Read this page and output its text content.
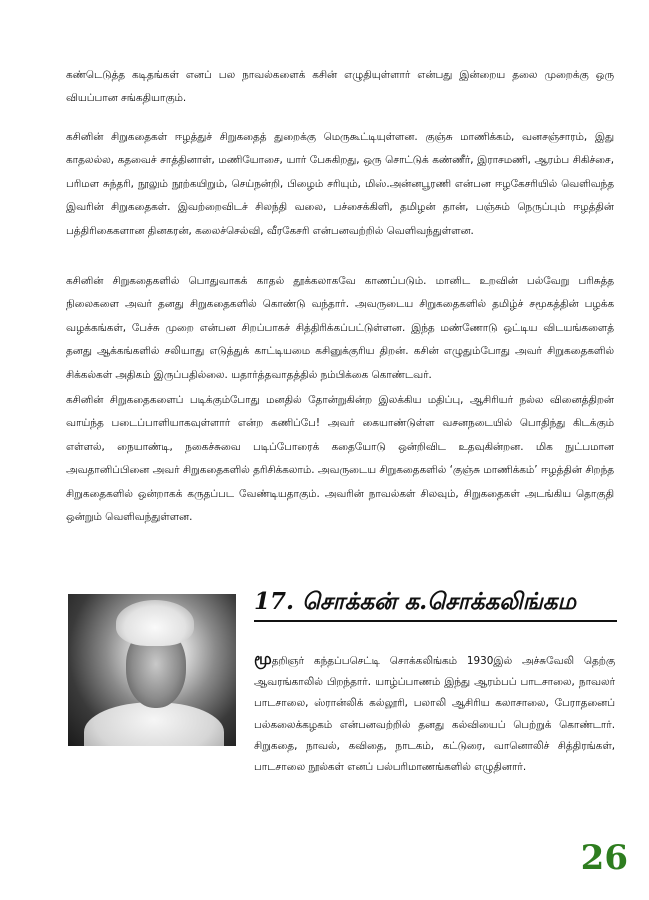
கண்டெடுத்த கடிதங்கள் எனப் பல நாவல்களைக் கசின் எழுதியுள்ளார் என்பது இன்றைய தலை முறைக்கு ஒரு வியப்பான சங்கதியாகும்.

கசினின் சிறுகதைகள் ஈழத்துச் சிறுகதைத் துறைக்கு மெருகூட்டியுள்ளன. குஞ்சு மாணிக்கம், வனசஞ்சாரம், இது காதலல்ல, கதவைச் சாத்தினாள், மணியோசை, யார் பேசுகிறது, ஒரு சொட்டுக் கண்ணீர், இராசமணி, ஆரம்ப சிகிச்சை, பரிமள சுந்தரி, நூலும் நூற்கயிறும், செய்நன்றி, பிழைம் சரியும், மிஸ்.அன்னபூரணி என்பன ஈழகேசரியில் வெளிவந்த இவரின் சிறுகதைகள். இவற்றைவிடச் சிலந்தி வலை, பச்சைக்கிளி, தமிழன் தான், பஞ்சும் நெருப்பும் ஈழத்தின் பத்திரிகைகளான தினகரன், கலைச்செல்வி, வீரகேசரி என்பனவற்றில் வெளிவந்துள்ளன.

கசினின் சிறுகதைகளில் பொதுவாகக் காதல் தூக்கலாகவே காணப்படும். மானிட உறவின் பல்வேறு பரிசுத்த நிலைகளை அவர் தனது சிறுகதைகளில் கொண்டு வந்தார். அவருடைய சிறுகதைகளில் தமிழ்ச் சமூகத்தின் பழக்க வழக்கங்கள், பேச்சு முறை என்பன சிறப்பாகச் சித்திரிக்கப்பட்டுள்ளன. இந்த மண்ணோடு ஒட்டிய விடயங்களைத் தனது ஆக்கங்களில் சலியாது எடுத்துக் காட்டியமை கசினுக்குரிய திறன். கசின் எழுதும்போது அவர் சிறுகதைகளில் சிக்கல்கள் அதிகம் இருப்பதில்லை. யதார்த்தவாதத்தில் நம்பிக்கை கொண்டவர்.

கசினின் சிறுகதைகளைப் படிக்கும்போது மனதில் தோன்றுகின்ற இலக்கிய மதிப்பு, ஆசிரியர் நல்ல வினைத்திறன் வாய்ந்த படைப்பாளியாகவுள்ளார் என்ற கணிப்பே! அவர் கையாண்டுள்ள வசனநடையில் பொதிந்து கிடக்கும் எள்ளல், நையாண்டி, நகைச்சுவை படிப்போரைக் கதையோடு ஒன்றிவிட உதவுகின்றன. மிக நுட்பமான அவதானிப்பினை அவர் சிறுகதைகளில் தரிசிக்கலாம். அவருடைய சிறுகதைகளில் ‘குஞ்சு மாணிக்கம்’ ஈழத்தின் சிறந்த சிறுகதைகளில் ஒன்றாகக் கருதப்பட வேண்டியதாகும். அவரின் நாவல்கள் சிலவும், சிறுகதைகள் அடங்கிய தொகுதி ஒன்றும் வெளிவந்துள்ளன.

17. சொக்கன் க.சொக்கலிங்கம

மூதறிஞர் கந்தப்பசெட்டி சொக்கலிங்கம் 1930இல் அச்சுவேலி தெற்கு ஆவரங்காலில் பிறந்தார். யாழ்ப்பாணம் இந்து ஆரம்பப் பாடசாலை, நாவலர் பாடசாலை, ஸ்ரான்லிக் கல்லூரி, பலாலி ஆசிரிய கலாசாலை, பேராதனைப் பல்கலைக்கழகம் என்பனவற்றில் தனது கல்வியைப் பெற்றுக் கொண்டார். சிறுகதை, நாவல், கவிதை, நாடகம், கட்டுரை, வானொலிச் சித்திரங்கள், பாடசாலை நூல்கள் எனப் பல்பரிமாணங்களில் எழுதினார்.

26
